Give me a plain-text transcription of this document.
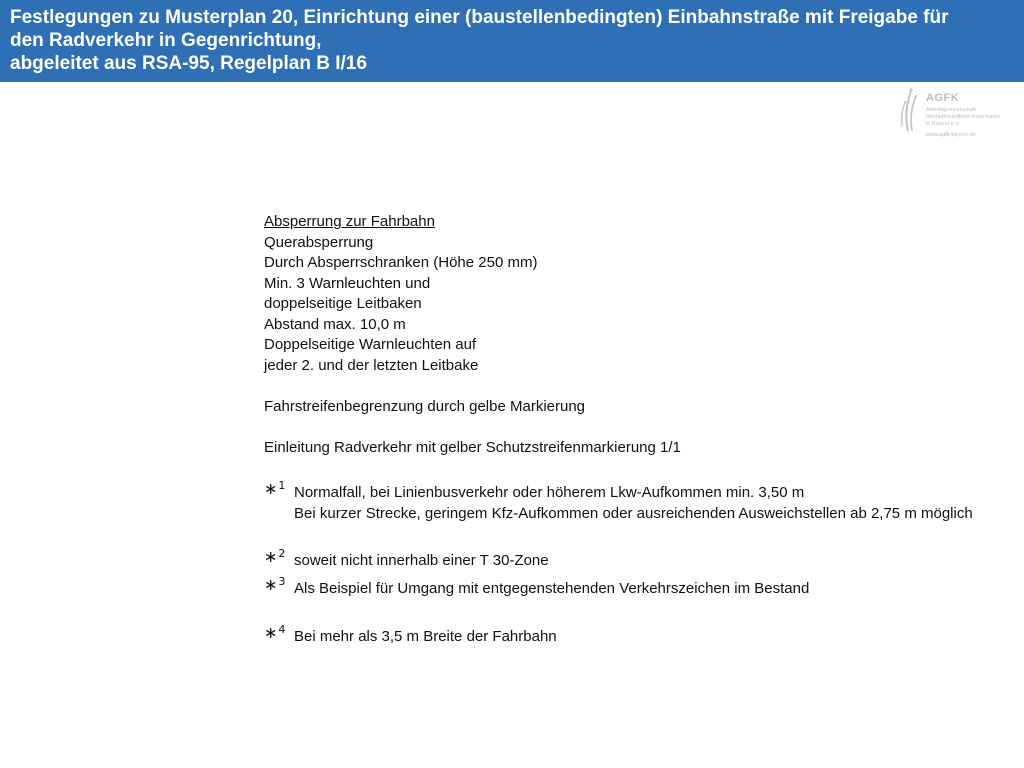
Festlegungen zu Musterplan 20, Einrichtung einer (baustellenbedingten) Einbahnstraße mit Freigabe für
den Radverkehr in Gegenrichtung,
abgeleitet aus RSA-95, Regelplan B I/16
AGFK
Arbeitsgemeinschaft
fahrradfreundliche Kommunen
in Bayern e.V.
www.agfk-bayern.de
Absperrung zur Fahrbahn
Querabsperrung
Durch Absperrschranken (Höhe 250 mm)
Min. 3 Warnleuchten und
doppelseitige Leitbaken
Abstand max. 10,0 m
Doppelseitige Warnleuchten auf
jeder 2. und der letzten Leitbake
Fahrstreifenbegrenzung durch gelbe Markierung
Einleitung Radverkehr mit gelber Schutzstreifenmarkierung 1/1
∗$^1$ Normalfall, bei Linienbusverkehr oder höherem Lkw-Aufkommen min. 3,50 m
Bei kurzer Strecke, geringem Kfz-Aufkommen oder ausreichenden Ausweichstellen ab 2,75 m möglich
∗$^2$ soweit nicht innerhalb einer T 30-Zone
∗$^3$ Als Beispiel für Umgang mit entgegenstehenden Verkehrszeichen im Bestand
∗$^4$ Bei mehr als 3,5 m Breite der Fahrbahn
